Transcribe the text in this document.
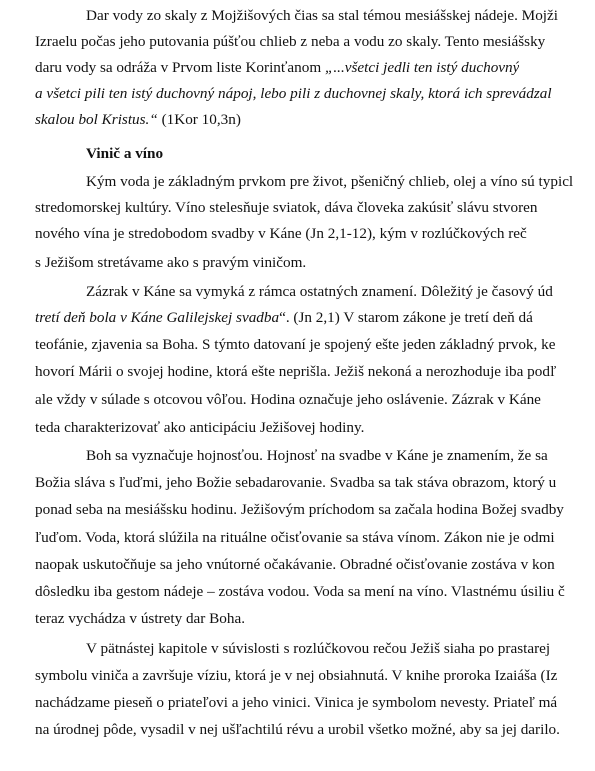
Dar vody zo skaly z Mojžišových čias sa stal témou mesiášskej nádeje. Mojži
Izraelu počas jeho putovania púšťou chlieb z neba a vodu zo skaly. Tento mesiášsky
daru vody sa odráža v Prvom liste Korinťanom „...všetci jedli ten istý duchovný
a všetci pili ten istý duchovný nápoj, lebo pili z duchovnej skaly, ktorá ich sprevádzal
skalou bol Kristus.“ (1Kor 10,3n)
Vinič a víno
Kým voda je základným prvkom pre život, pšeničný chlieb, olej a víno sú typicl
stredomorskej kultúry. Víno stelesňuje sviatok, dáva človeka zakúsiť slávu stvoren
nového vína je stredobodom svadby v Káne (Jn 2,1-12), kým v rozlúčkových reč
s Ježišom stretávame ako s pravým viničom.
Zázrak v Káne sa vymyká z rámca ostatných znamení. Dôležitý je časový úd
tretí deň bola v Káne Galilejskej svadba“. (Jn 2,1) V starom zákone je tretí deň dá
teofánie, zjavenia sa Boha. S týmto datovaní je spojený ešte jeden základný prvok, ke
hovorí Márii o svojej hodine, ktorá ešte neprišla. Ježiš nekoná a nerozhoduje iba podľ
ale vždy v súlade s otcovou vôľou. Hodina označuje jeho oslávenie. Zázrak v Káne
teda charakterizovať ako anticipáciu Ježišovej hodiny.
Boh sa vyznačuje hojnosťou. Hojnosť na svadbe v Káne je znamením, že sa
Božia sláva s ľuďmi, jeho Božie sebadarovanie. Svadba sa tak stáva obrazom, ktorý u
ponad seba na mesiášsku hodinu. Ježišovým príchodom sa začala hodina Božej svadby
ľuďom. Voda, ktorá slúžila na rituálne očisťovanie sa stáva vínom. Zákon nie je odmi
naopak uskutočňuje sa jeho vnútorné očakávanie. Obradné očisťovanie zostáva v kon
dôsledku iba gestom nádeje – zostáva vodou. Voda sa mení na víno. Vlastnému úsiliu č
teraz vychádza v ústrety dar Boha.
V pätnástej kapitole v súvislosti s rozlúčkovou rečou Ježiš siaha po prastarej
symbolu viniča a završuje víziu, ktorá je v nej obsiahnutá. V knihe proroka Izaiáša (Iz
nachádzame pieseň o priateľovi a jeho vinici. Vinica je symbolom nevesty. Priateľ má
na úrodnej pôde, vysadil v nej ušľachtilú révu a urobil všetko možné, aby sa jej darilo.
